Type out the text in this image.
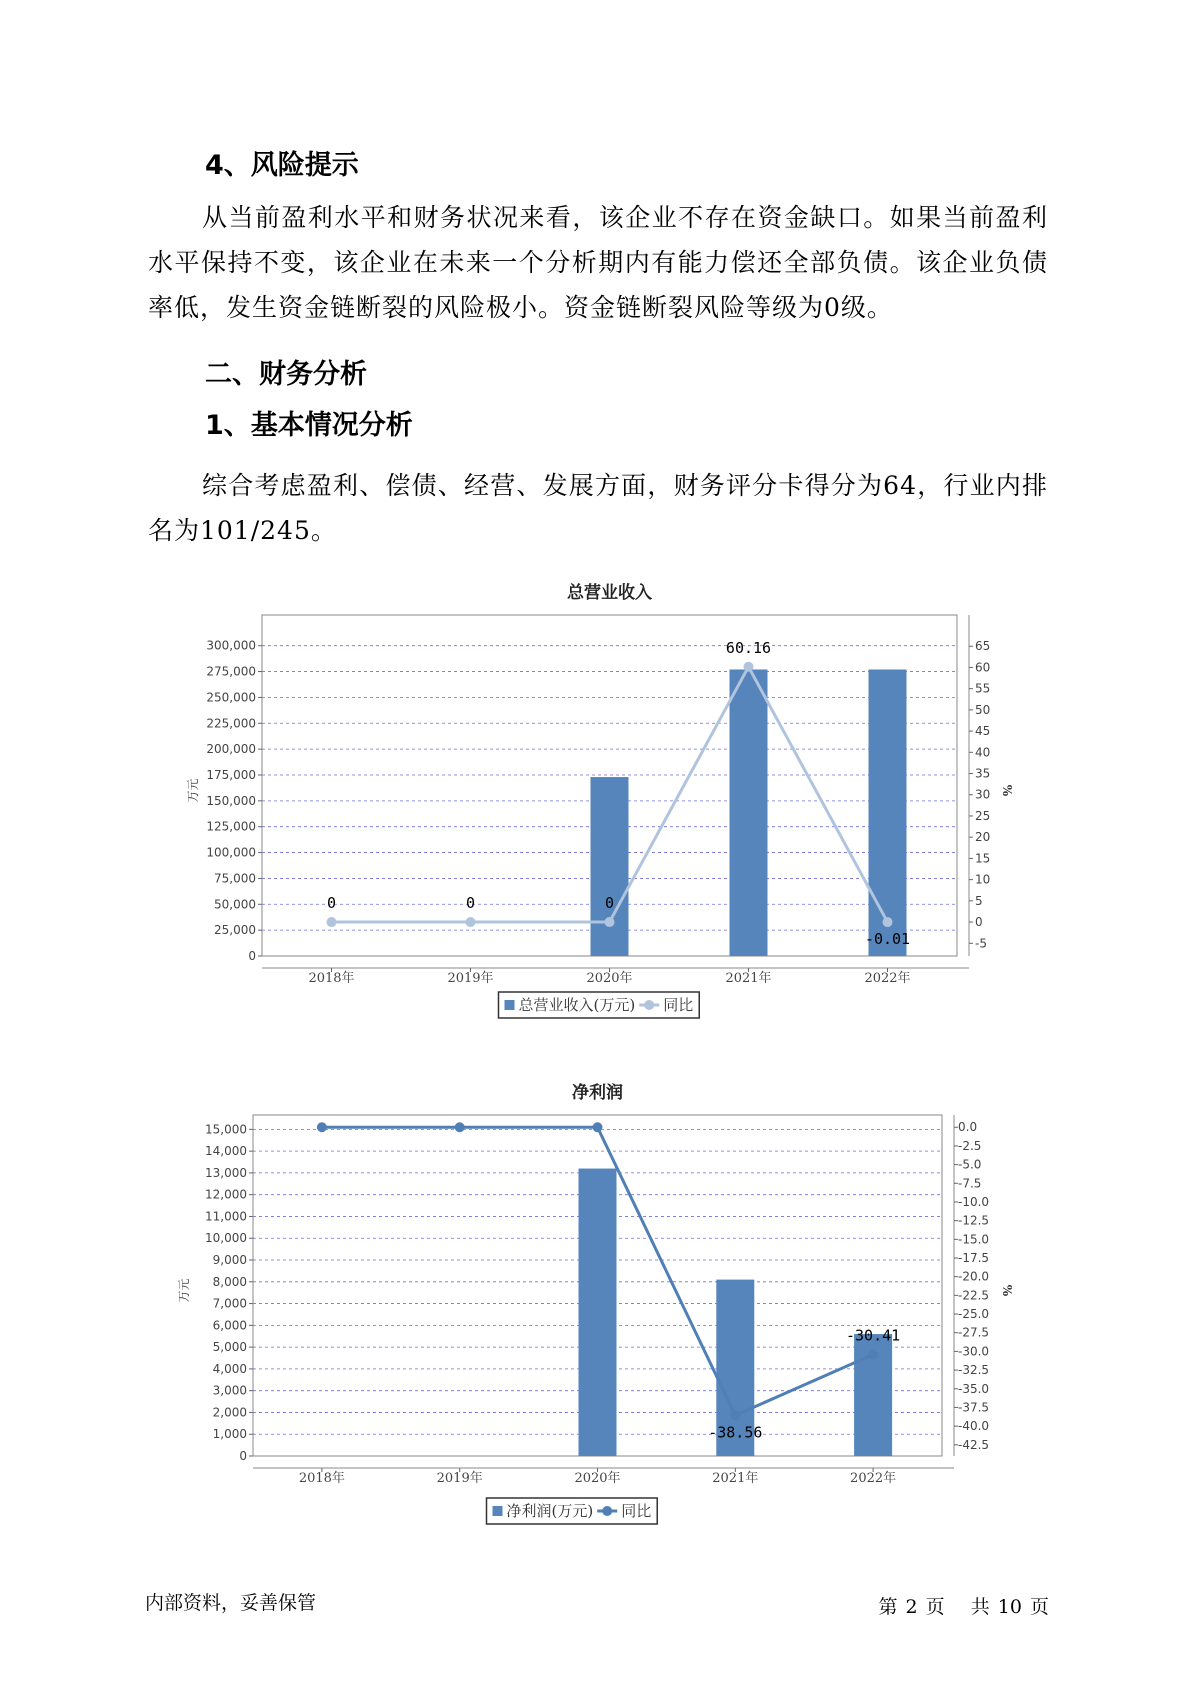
4、风险提示

从当前盈利水平和财务状况来看，该企业不存在资金缺口。如果当前盈利水平保持不变，该企业在未来一个分析期内有能力偿还全部负债。该企业负债率低，发生资金链断裂的风险极小。资金链断裂风险等级为0级。

二、财务分析
1、基本情况分析

综合考虑盈利、偿债、经营、发展方面，财务评分卡得分为64，行业内排名为101/245。

总营业收入
0
25,000
50,000
75,000
100,000
125,000
150,000
175,000
200,000
225,000
250,000
275,000
300,000
-5
0
5
10
15
20
25
30
35
40
45
50
55
60
65
万元	%
2018年	2019年	2020年	2021年	2022年
0	0	0
60.16
-0.01
总营业收入(万元) 同比
净利润
0
1,000
2,000
3,000
4,000
5,000
6,000
7,000
8,000
9,000
10,000
11,000
12,000
13,000
14,000
15,000	0.0
-2.5
-5.0
-7.5
-10.0
-12.5
-15.0
-17.5
-20.0
-22.5
-25.0
-27.5
-30.0
-32.5
-35.0
-37.5
-40.0
-42.5
万元	%
2018年	2019年	2020年	2021年	2022年
-38.56
-30.41
净利润(万元) 同比
内部资料，妥善保管	第 2 页 共 10 页
